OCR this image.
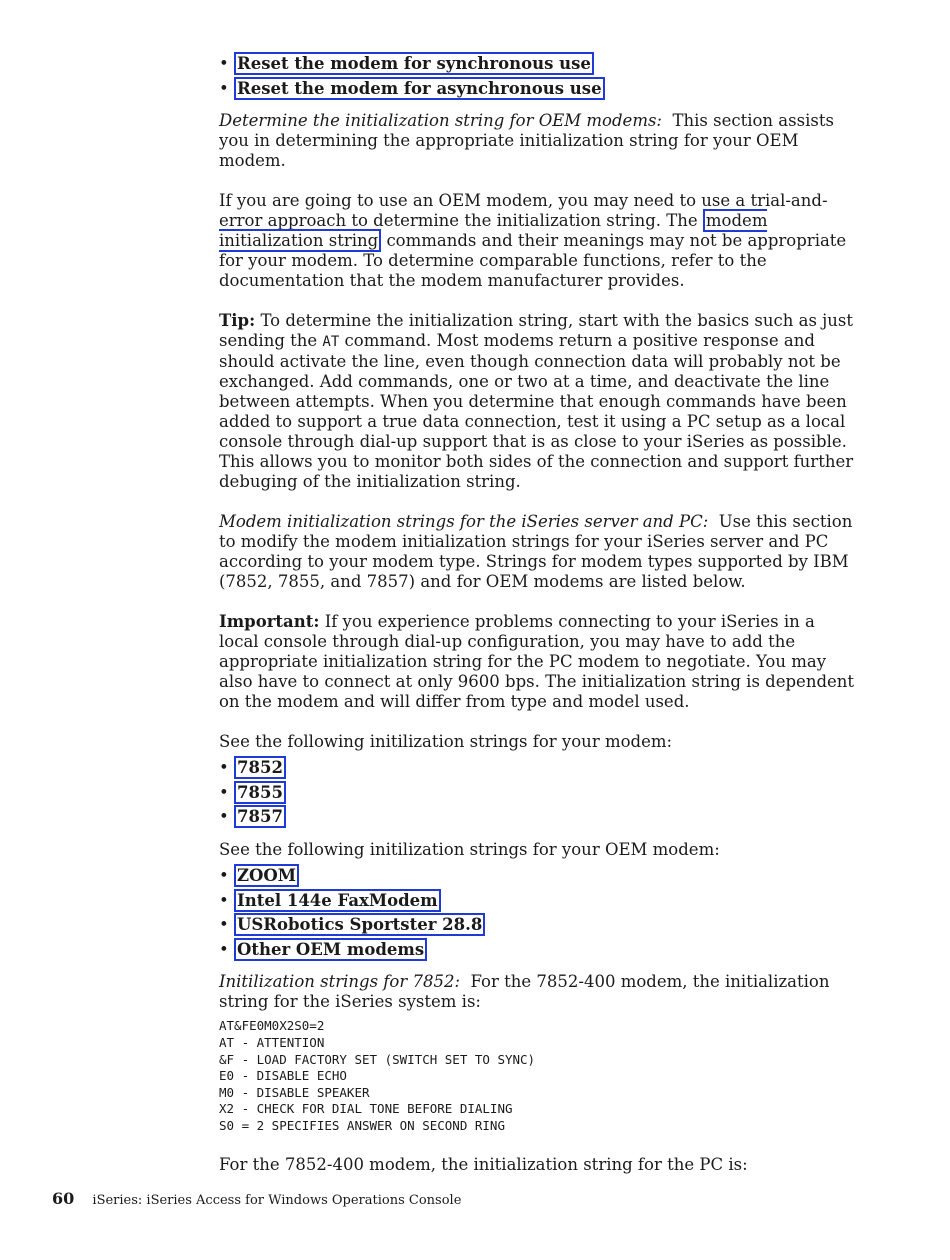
• Reset the modem for synchronous use
• Reset the modem for asynchronous use

Determine the initialization string for OEM modems: This section assists you in determining the appropriate initialization string for your OEM modem.

If you are going to use an OEM modem, you may need to use a trial-and-error approach to determine the initialization string. The modem initialization string commands and their meanings may not be appropriate for your modem. To determine comparable functions, refer to the documentation that the modem manufacturer provides.

Tip: To determine the initialization string, start with the basics such as just sending the AT command. Most modems return a positive response and should activate the line, even though connection data will probably not be exchanged. Add commands, one or two at a time, and deactivate the line between attempts. When you determine that enough commands have been added to support a true data connection, test it using a PC setup as a local console through dial-up support that is as close to your iSeries as possible. This allows you to monitor both sides of the connection and support further debuging of the initialization string.

Modem initialization strings for the iSeries server and PC: Use this section to modify the modem initialization strings for your iSeries server and PC according to your modem type. Strings for modem types supported by IBM (7852, 7855, and 7857) and for OEM modems are listed below.

Important: If you experience problems connecting to your iSeries in a local console through dial-up configuration, you may have to add the appropriate initialization string for the PC modem to negotiate. You may also have to connect at only 9600 bps. The initialization string is dependent on the modem and will differ from type and model used.

See the following initilization strings for your modem:

• 7852
• 7855
• 7857

See the following initilization strings for your OEM modem:

• ZOOM
• Intel 144e FaxModem
• USRobotics Sportster 28.8
• Other OEM modems

Initilization strings for 7852: For the 7852-400 modem, the initialization string for the iSeries system is:

AT&FE0M0X2S0=2
AT - ATTENTION
&F - LOAD FACTORY SET (SWITCH SET TO SYNC)
E0 - DISABLE ECHO
M0 - DISABLE SPEAKER
X2 - CHECK FOR DIAL TONE BEFORE DIALING
S0 = 2 SPECIFIES ANSWER ON SECOND RING

For the 7852-400 modem, the initialization string for the PC is:

60 iSeries: iSeries Access for Windows Operations Console
